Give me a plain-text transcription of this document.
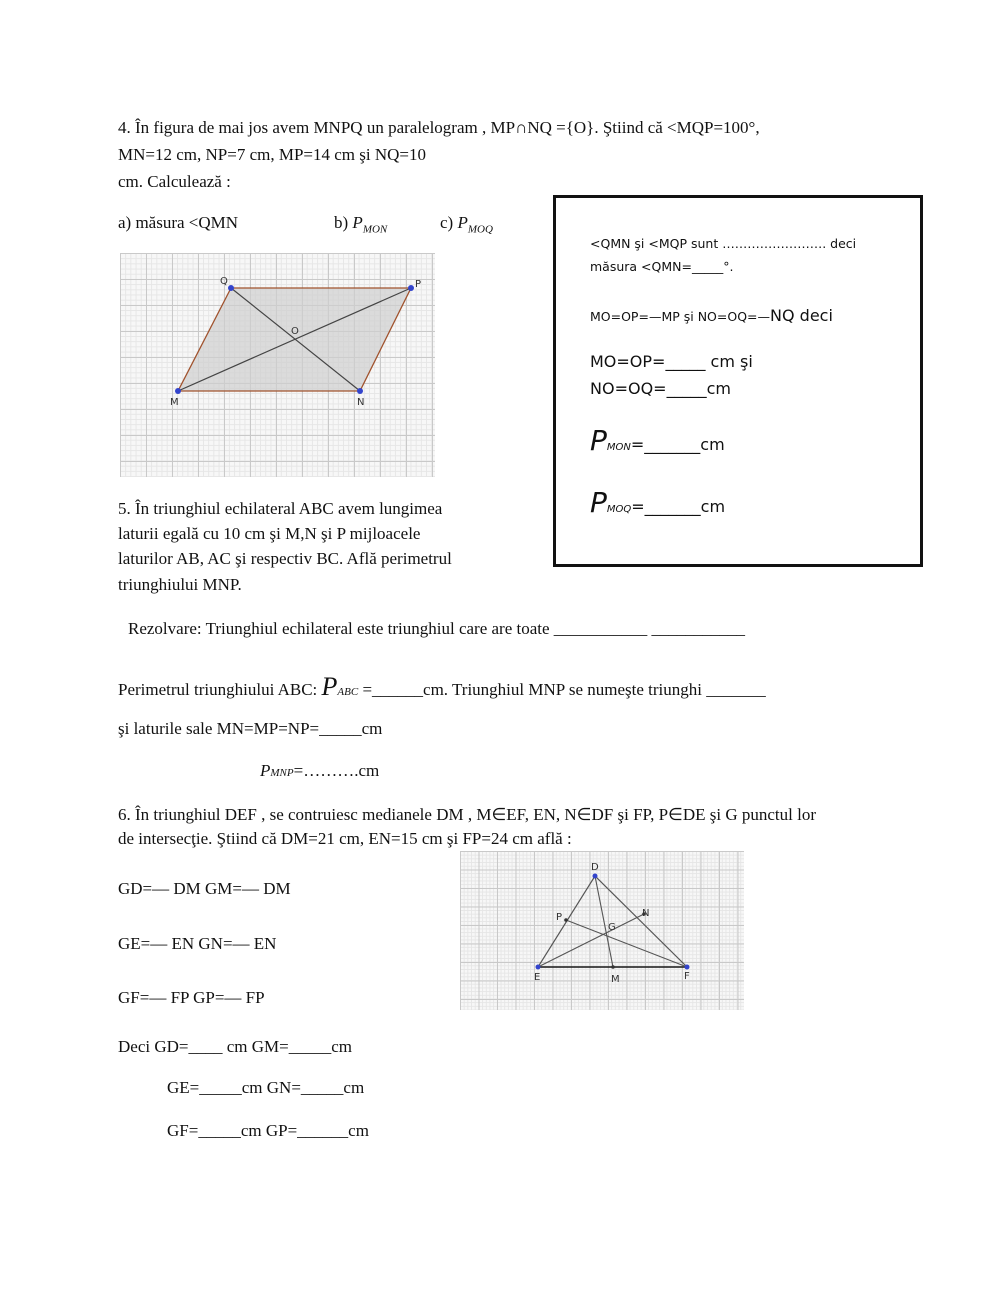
4. În figura de mai jos avem MNPQ un paralelogram , MP∩NQ ={O}. Ştiind că <MQP=100°,
MN=12 cm, NP=7 cm, MP=14 cm şi NQ=10
cm. Calculează :
a) măsura <QMN	b) $P_{MON}$	c) $P_{MOQ}$
Q	P
O
M	N
<QMN şi <MQP sunt ……………………. deci
măsura <QMN=_____°.
MO=OP=—MP şi NO=OQ=—NQ deci
MO=OP=_____ cm şi
NO=OQ=_____cm
PMON=_______cm
PMOQ=_______cm
5. În triunghiul echilateral ABC avem lungimea
laturii egală cu 10 cm şi M,N şi P mijloacele
laturilor AB, AC şi respectiv BC. Află perimetrul
triunghiului MNP.
Rezolvare: Triunghiul echilateral este triunghiul care are toate ___________ ___________
Perimetrul triunghiului ABC: PABC =______cm. Triunghiul MNP se numeşte triunghi _______
şi laturile sale MN=MP=NP=_____cm
PMNP=……….cm
6. În triunghiul DEF , se contruiesc medianele DM , M∈EF, EN, N∈DF şi FP, P∈DE şi G punctul lor
de intersecţie. Ştiind că DM=21 cm, EN=15 cm şi FP=24 cm află :
GD=— DM GM=— DM
GE=— EN GN=— EN
GF=— FP GP=— FP
Deci GD=____ cm GM=_____cm
GE=_____cm GN=_____cm
GF=_____cm GP=______cm
D
E	F
M
P	N
G
